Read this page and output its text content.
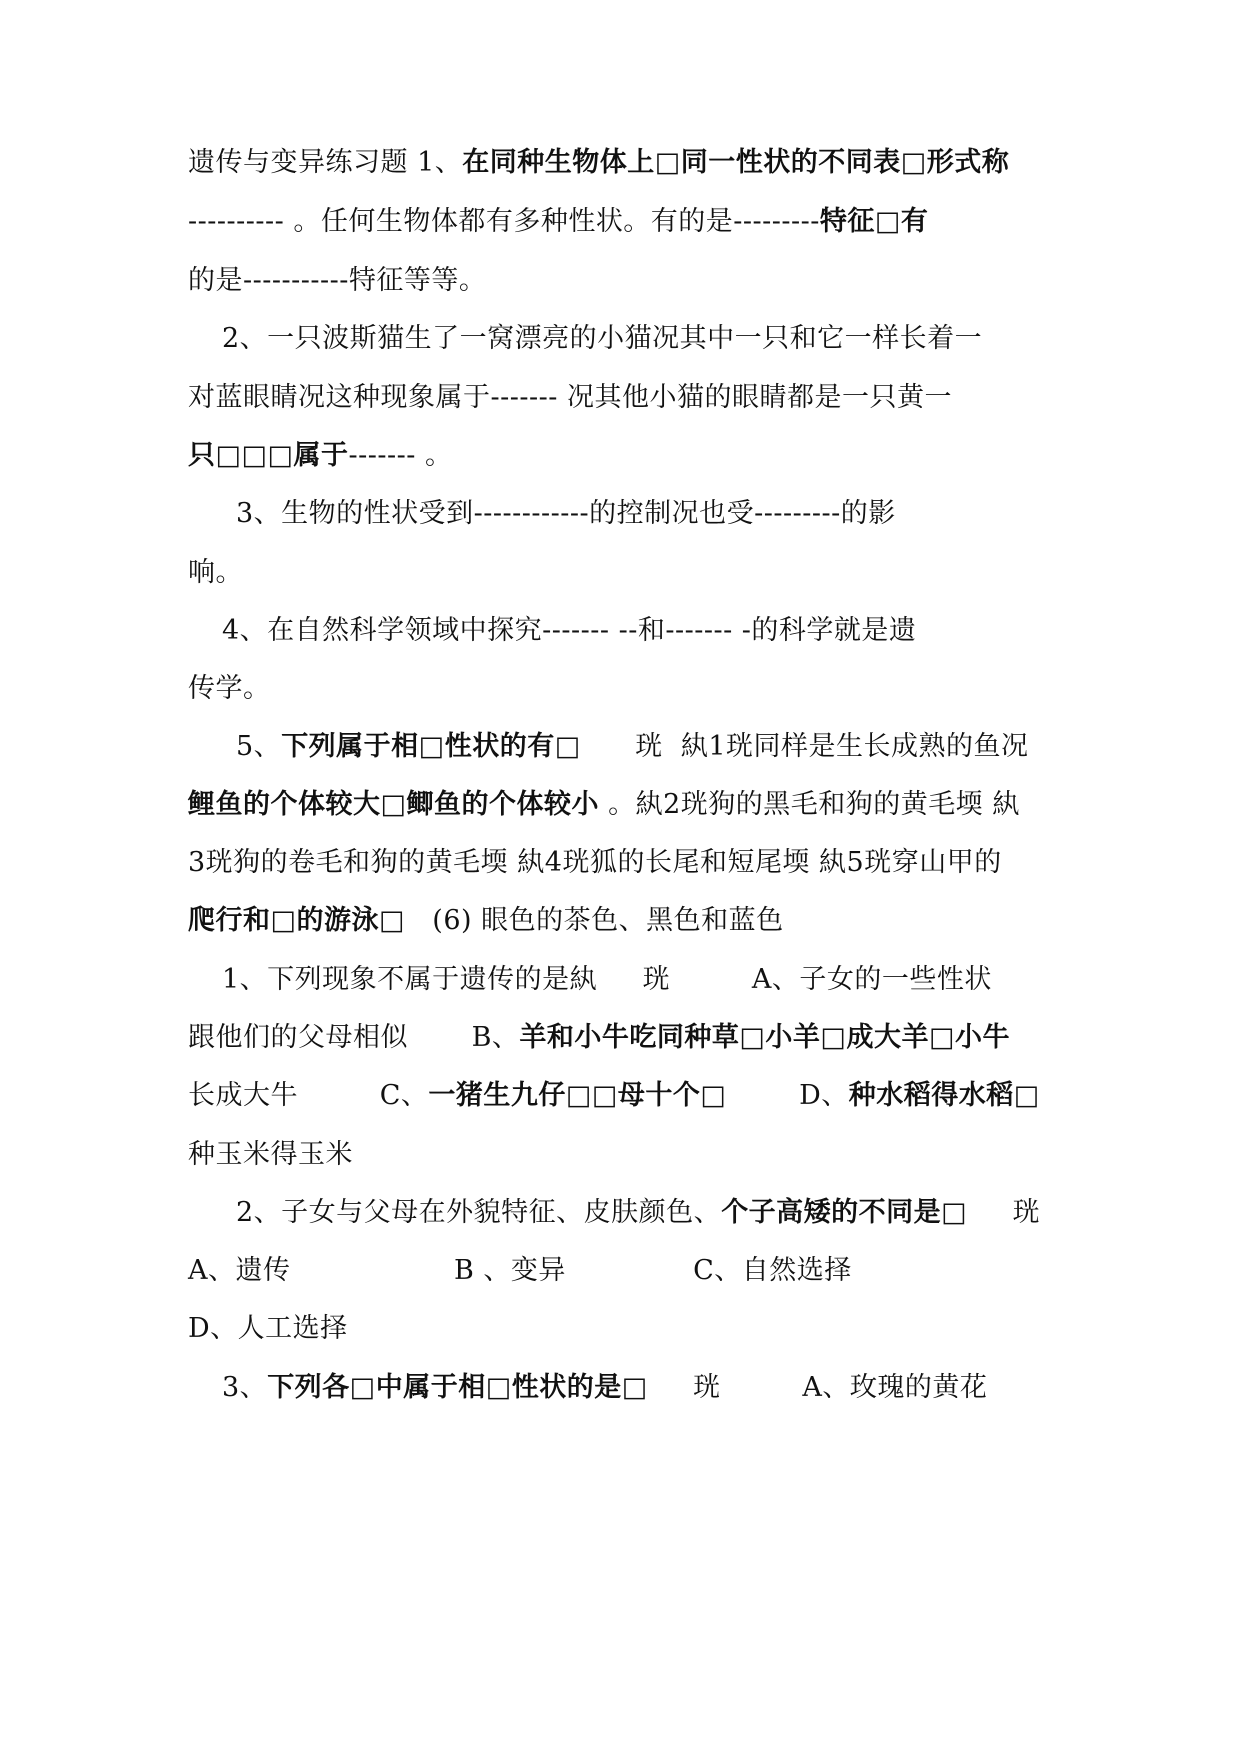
遗传与变异练习题 1、在同种生物体上□同一性状的不同表□形式称
---------- 。任何生物体都有多种性状。有的是---------特征□有
的是-----------特征等等。
2、一只波斯猫生了一窝漂亮的小猫况其中一只和它一样长着一
对蓝眼睛况这种现象属于------- 况其他小猫的眼睛都是一只黄一
只□□□属于------- 。
3、生物的性状受到------------的控制况也受---------的影
响。
4、在自然科学领域中探究------- --和------- -的科学就是遗
传学。
5、下列属于相□性状的有□      珖  紈1珖同样是生长成熟的鱼况
鲤鱼的个体较大□鲫鱼的个体较小 。紈2珖狗的黑毛和狗的黄毛堧 紈
3珖狗的卷毛和狗的黄毛堧 紈4珖狐的长尾和短尾堧 紈5珖穿山甲的
爬行和□的游泳□   (6) 眼色的茶色、黑色和蓝色
1、下列现象不属于遗传的是紈     珖         A、子女的一些性状
跟他们的父母相似       B、羊和小牛吃同种草□小羊□成大羊□小牛
长成大牛         C、一猪生九仔□□母十个□        D、种水稻得水稻□
种玉米得玉米
2、子女与父母在外貌特征、皮肤颜色、个子高矮的不同是□     珖
A、遗传                  B 、变异              C、自然选择
D、人工选择
3、下列各□中属于相□性状的是□     珖         A、玫瑰的黄花
